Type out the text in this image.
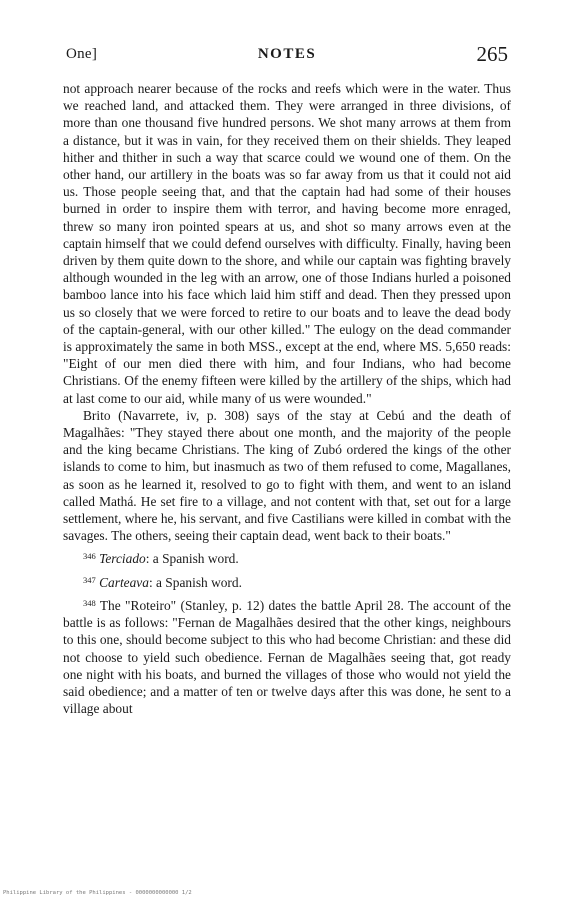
One]	NOTES	265

not approach nearer because of the rocks and reefs which were in the water. Thus we reached land, and attacked them. They were arranged in three divisions, of more than one thousand five hundred persons. We shot many arrows at them from a distance, but it was in vain, for they received them on their shields. They leaped hither and thither in such a way that scarce could we wound one of them. On the other hand, our artillery in the boats was so far away from us that it could not aid us. Those people seeing that, and that the captain had had some of their houses burned in order to inspire them with terror, and having become more enraged, threw so many iron pointed spears at us, and shot so many arrows even at the captain himself that we could defend ourselves with difficulty. Finally, having been driven by them quite down to the shore, and while our captain was fighting bravely although wounded in the leg with an arrow, one of those Indians hurled a poisoned bamboo lance into his face which laid him stiff and dead. Then they pressed upon us so closely that we were forced to retire to our boats and to leave the dead body of the captain-general, with our other killed." The eulogy on the dead commander is approximately the same in both MSS., except at the end, where MS. 5,650 reads: "Eight of our men died there with him, and four Indians, who had become Christians. Of the enemy fifteen were killed by the artillery of the ships, which had at last come to our aid, while many of us were wounded."

Brito (Navarrete, iv, p. 308) says of the stay at Cebú and the death of Magalhães: "They stayed there about one month, and the majority of the people and the king became Christians. The king of Zubó ordered the kings of the other islands to come to him, but inasmuch as two of them refused to come, Magallanes, as soon as he learned it, resolved to go to fight with them, and went to an island called Mathá. He set fire to a village, and not content with that, set out for a large settlement, where he, his servant, and five Castilians were killed in combat with the savages. The others, seeing their captain dead, went back to their boats."

$^{346}$ Terciado: a Spanish word.

$^{347}$ Carteava: a Spanish word.

$^{348}$ The "Roteiro" (Stanley, p. 12) dates the battle April 28. The account of the battle is as follows: "Fernan de Magalhães desired that the other kings, neighbours to this one, should become subject to this who had become Christian: and these did not choose to yield such obedience. Fernan de Magalhães seeing that, got ready one night with his boats, and burned the villages of those who would not yield the said obedience; and a matter of ten or twelve days after this was done, he sent to a village about

Philippine Library of the Philippines - 0000000000000 1/2
